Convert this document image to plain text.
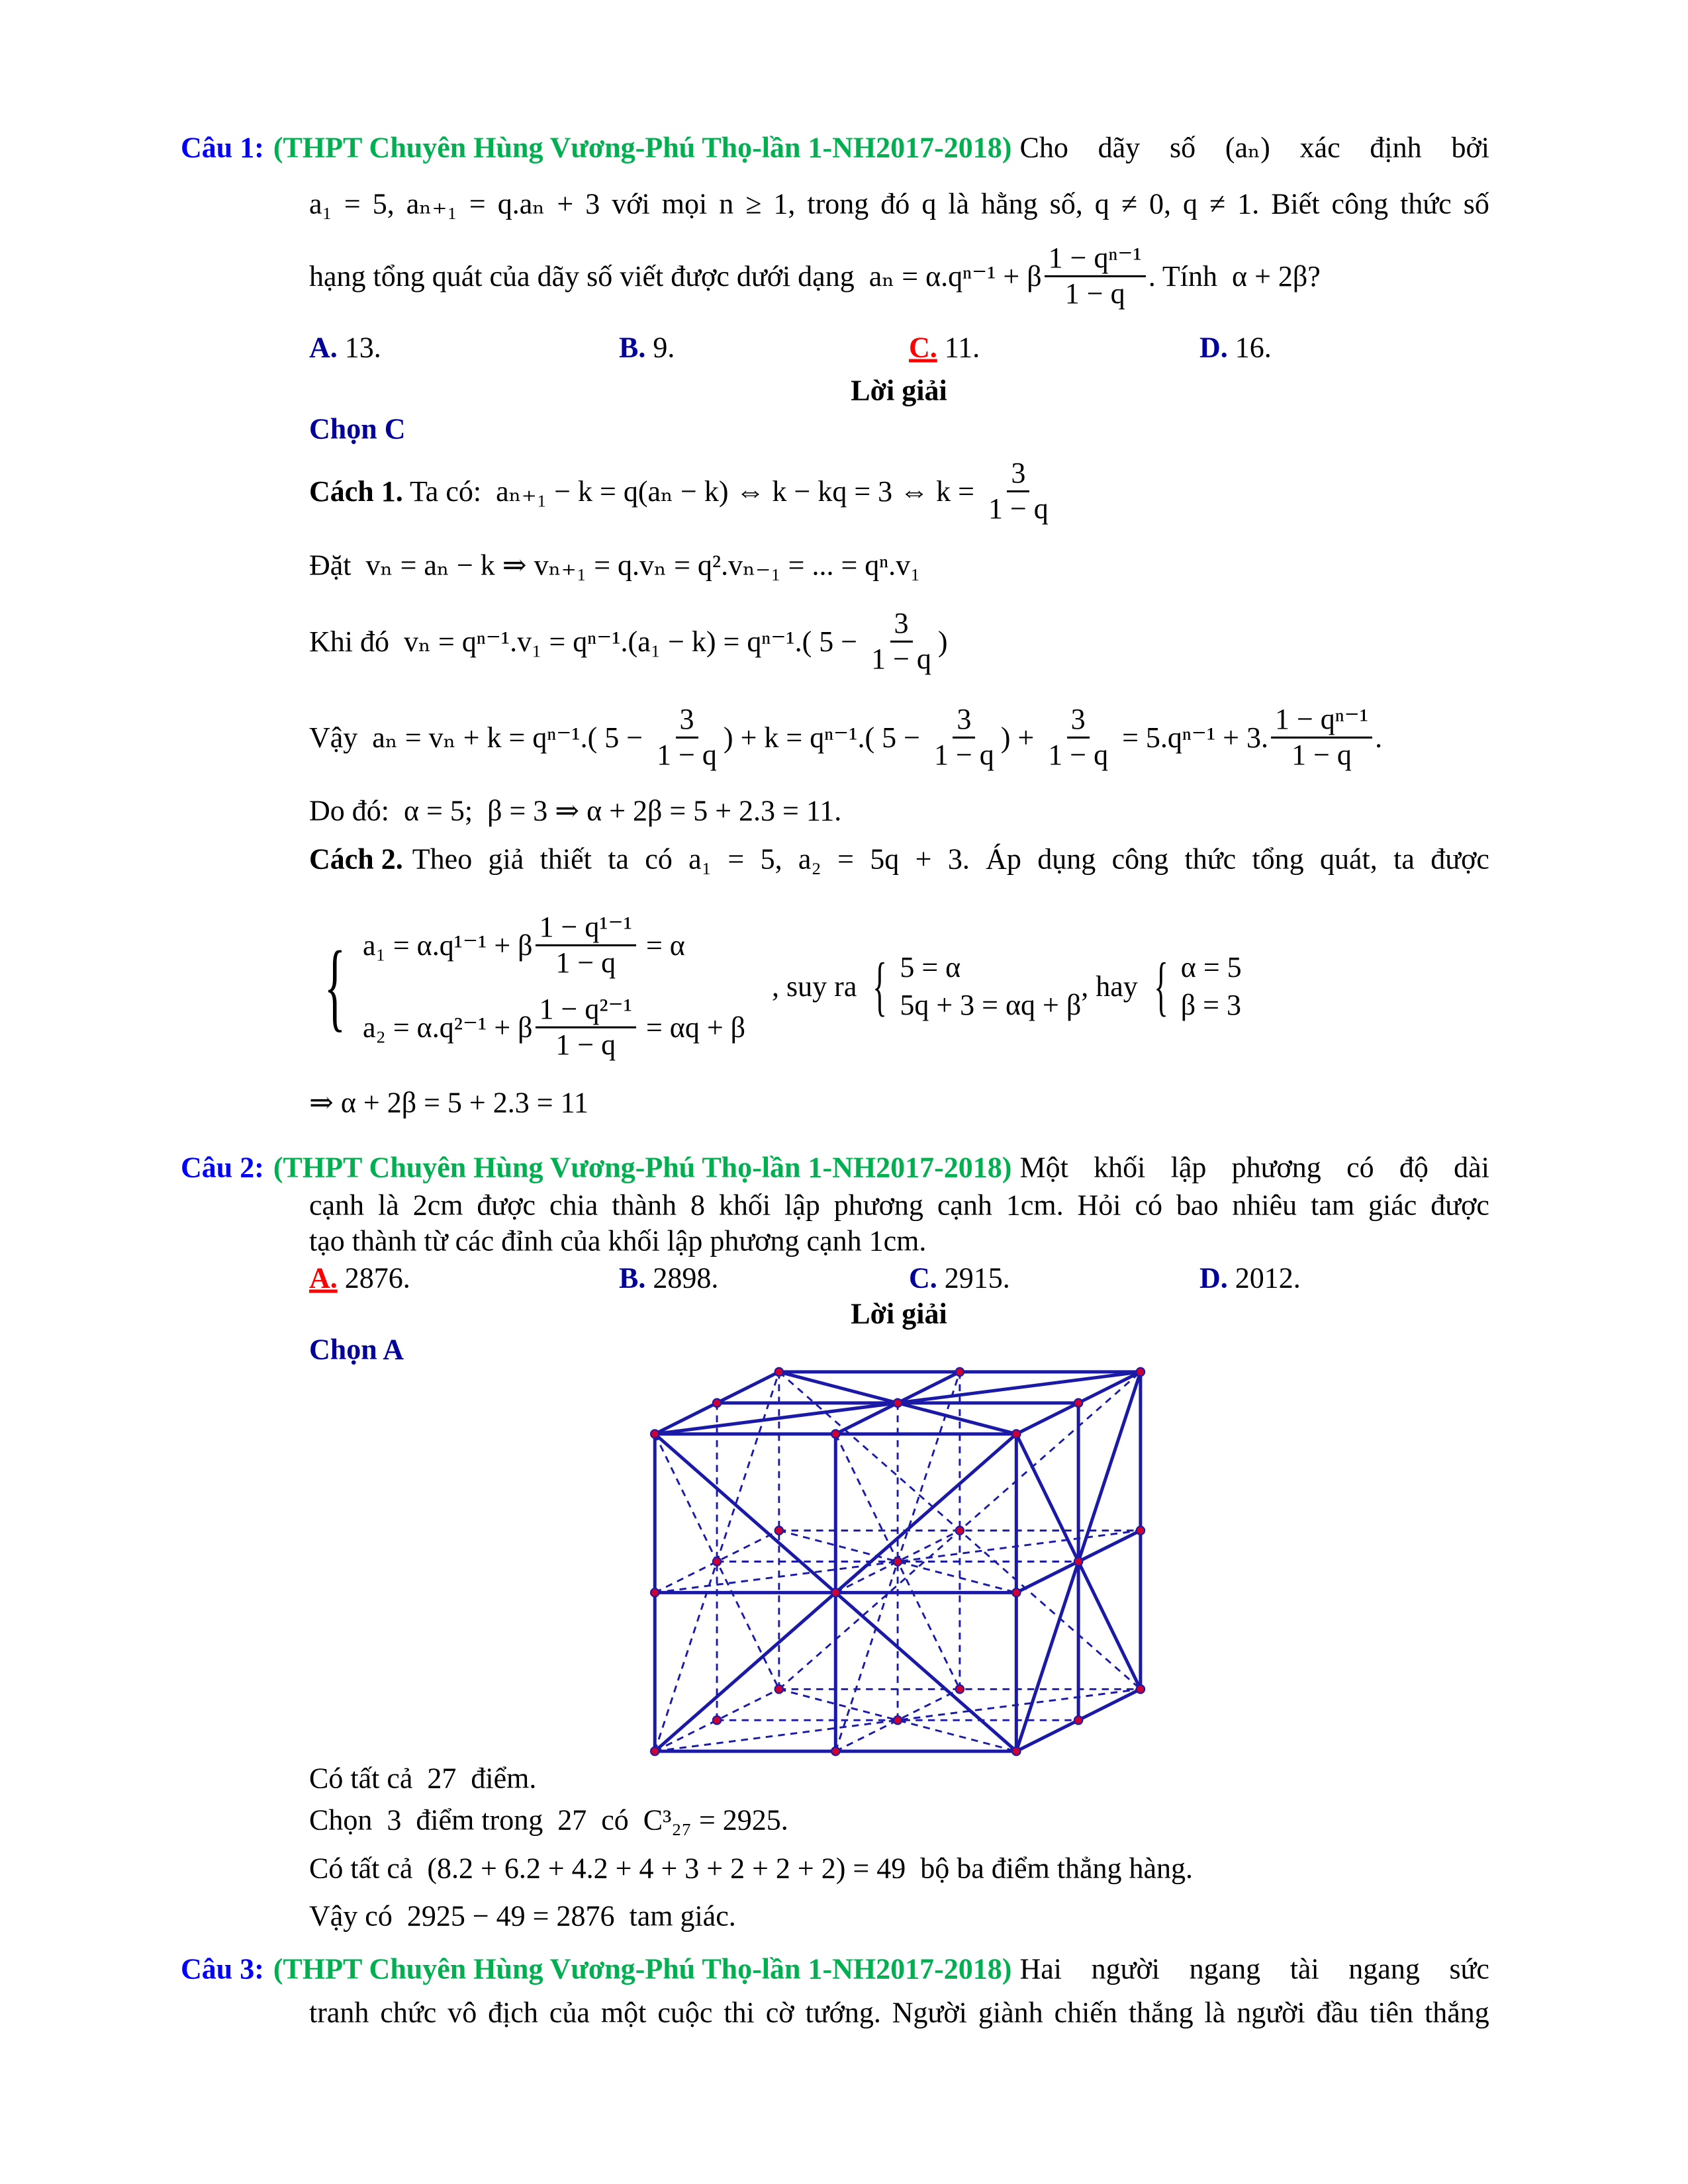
Câu 1: (THPT Chuyên Hùng Vương-Phú Thọ-lần 1-NH2017-2018) Cho dãy số (aₙ) xác định bởi
a₁ = 5, aₙ₊₁ = q.aₙ + 3 với mọi n ≥ 1, trong đó q là hằng số, q ≠ 0, q ≠ 1. Biết công thức số
hạng tổng quát của dãy số viết được dưới dạng  aₙ = α.qⁿ⁻¹ + β $\frac{\text{1 − qⁿ⁻¹}}{1 - q}$ . Tính  α + 2β?
Lời giải
Chọn C
Cách 1. Ta có:  aₙ₊₁ − k = q(aₙ − k) ⇔ k − kq = 3 ⇔ $k = \frac{3}{1 - q}$
Đặt  vₙ = aₙ − k ⇒ vₙ₊₁ = q.vₙ = q².vₙ₋₁ = ... = qⁿ.v₁
Khi đó  vₙ = qⁿ⁻¹.v₁ = qⁿ⁻¹.(a₁ − k) = qⁿ⁻¹.( $5 - \frac{3}{1 - q}$ )
Vậy  aₙ = vₙ + k = qⁿ⁻¹.( $5 - \frac{3}{1 - q}$ ) + k = qⁿ⁻¹.( $5 - \frac{3}{1 - q}$ ) + $\frac{3}{1 - q} = 5.q^{n-1} + 3$. $\frac{\text{1 − qⁿ⁻¹}}{1 - q}$ .
Do đó:  α = 5;  β = 3 ⇒ α + 2β = 5 + 2.3 = 11.
Cách 2. Theo giả thiết ta có a₁ = 5, a₂ = 5q + 3. Áp dụng công thức tổng quát, ta được
{ a₁ = α.q¹⁻¹ + β $\frac{\text{1 − q¹⁻¹}}{1 - q} = \alpha$
a₂ = α.q²⁻¹ + β $\frac{\text{1 − q²⁻¹}}{1 - q} = \alpha q + \beta$
, suy ra { 5 = α
5q + 3 = αq + β
, hay { α = 5
β = 3
⇒ α + 2β = 5 + 2.3 = 11
Câu 2: (THPT Chuyên Hùng Vương-Phú Thọ-lần 1-NH2017-2018) Một khối lập phương có độ dài
cạnh là 2cm được chia thành 8 khối lập phương cạnh 1cm. Hỏi có bao nhiêu tam giác được
tạo thành từ các đỉnh của khối lập phương cạnh 1cm.
Lời giải
Chọn A
Có tất cả  27  điểm.
Chọn  3  điểm trong  27  có  C³₂₇ = 2925.
Có tất cả  (8.2 + 6.2 + 4.2 + 4 + 3 + 2 + 2 + 2) = 49  bộ ba điểm thẳng hàng.
Vậy có  2925 − 49 = 2876  tam giác.
Câu 3: (THPT Chuyên Hùng Vương-Phú Thọ-lần 1-NH2017-2018) Hai người ngang tài ngang sức
tranh chức vô địch của một cuộc thi cờ tướng. Người giành chiến thắng là người đầu tiên thắng
A. 13.	B. 9.	C. 11.	D. 16.
A. 2876.	B. 2898.	C. 2915.	D. 2012.
